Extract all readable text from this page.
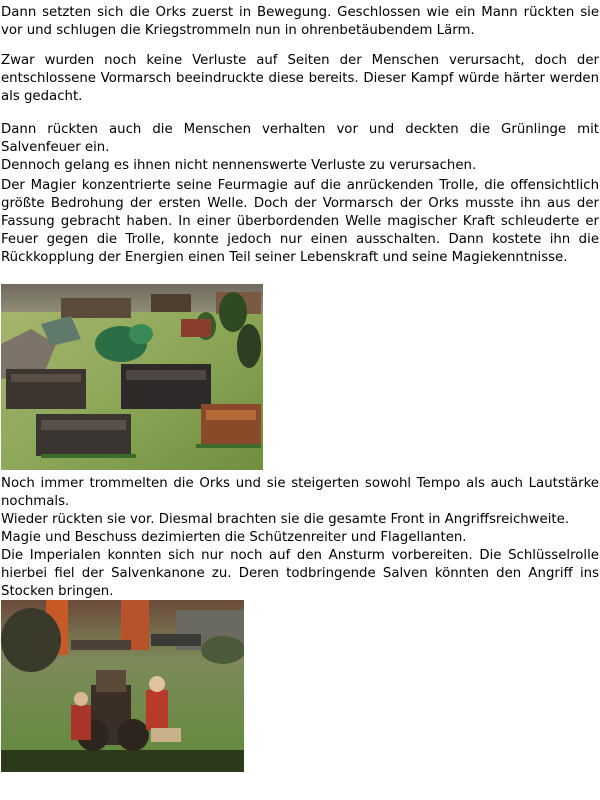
Dann setzten sich die Orks zuerst in Bewegung. Geschlossen wie ein Mann rückten sie vor und schlugen die Kriegstrommeln nun in ohrenbetäubendem Lärm.

Zwar wurden noch keine Verluste auf Seiten der Menschen verursacht, doch der entschlossene Vormarsch beeindruckte diese bereits. Dieser Kampf würde härter werden als gedacht.

Dann rückten auch die Menschen verhalten vor und deckten die Grünlinge mit Salvenfeuer ein.

Dennoch gelang es ihnen nicht nennenswerte Verluste zu verursachen.

Der Magier konzentrierte seine Feurmagie auf die anrückenden Trolle, die offensichtlich größte Bedrohung der ersten Welle. Doch der Vormarsch der Orks musste ihn aus der Fassung gebracht haben. In einer überbordenden Welle magischer Kraft schleuderte er Feuer gegen die Trolle, konnte jedoch nur einen ausschalten. Dann kostete ihn die Rückkopplung der Energien einen Teil seiner Lebenskraft und seine Magiekenntnisse.

Noch immer trommelten die Orks und sie steigerten sowohl Tempo als auch Lautstärke nochmals.

Wieder rückten sie vor. Diesmal brachten sie die gesamte Front in Angriffsreichweite.

Magie und Beschuss dezimierten die Schützenreiter und Flagellanten.

Die Imperialen konnten sich nur noch auf den Ansturm vorbereiten. Die Schlüsselrolle hierbei fiel der Salvenkanone zu. Deren todbringende Salven könnten den Angriff ins Stocken bringen.
